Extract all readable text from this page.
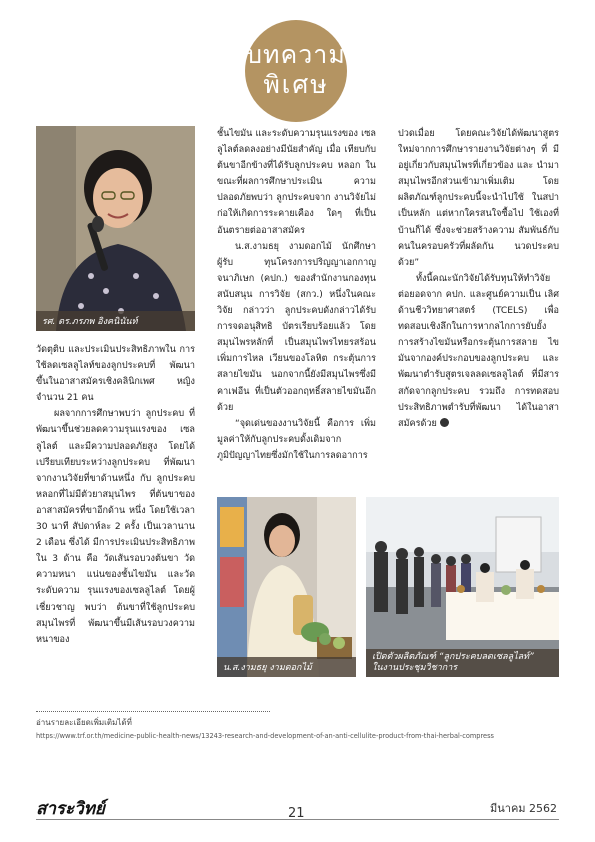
บทความ
พิเศษ
รศ. ดร.ภรภพ อิงคนินันท์

วัดตุติบ และประเมินประสิทธิภาพใน การใช้ลดเซลลูไลท์ของลูกประคบที่ พัฒนาขึ้นในอาสาสมัครเชิงคลินิกเพศ หญิงจำนวน 21 คน

ผลจากการศึกษาพบว่า ลูกประคบ ที่พัฒนาขึ้นช่วยลดความรุนแรงของ เซลลูไลต์ และมีความปลอดภัยสูง โดยได้เปรียบเทียบระหว่างลูกประคบ ที่พัฒนาจากงานวิจัยที่ขาด้านหนึ่ง กับ ลูกประคบหลอกที่ไม่มีตัวยาสมุนไพร ที่ต้นขาของอาสาสมัครที่ขาอีกด้าน หนึ่ง โดยใช้เวลา 30 นาที สัปดาห์ละ 2 ครั้ง เป็นเวลานาน 2 เดือน ซึ่งได้ มีการประเมินประสิทธิภาพใน 3 ด้าน คือ วัดเส้นรอบวงต้นขา วัดความหนา แน่นของชั้นไขมัน และวัดระดับความ รุนแรงของเซลลูไลต์ โดยผู้เชี่ยวชาญ พบว่า ต้นขาที่ใช้ลูกประคบสมุนไพรที่ พัฒนาขึ้นมีเส้นรอบวงความหนาของ

ชั้นไขมัน และระดับความรุนแรงของ เซลลูไลต์ลดลงอย่างมีนัยสำคัญ เมื่อ เทียบกับต้นขาอีกข้างที่ได้รับลูกประคบ หลอก ในขณะที่ผลการศึกษาประเมิน ความปลอดภัยพบว่า ลูกประคบจาก งานวิจัยไม่ก่อให้เกิดการระคายเคือง ใดๆ ที่เป็นอันตรายต่ออาสาสมัคร

น.ส.งามธยุ งามดอกไม้ นักศึกษาผู้รับ ทุนโครงการปริญญาเอกกาญจนาภิเษก (คปก.) ของสำนักงานกองทุนสนับสนุน การวิจัย (สกว.) หนึ่งในคณะวิจัย กล่าวว่า ลูกประคบดังกล่าวได้รับการจดอนุสิทธิ บัตรเรียบร้อยแล้ว โดยสมุนไพรหลักที่ เป็นสมุนไพรไทยรสร้อน เพิ่มการไหล เวียนของโลหิต กระตุ้นการสลายไขมัน นอกจากนี้ยังมีสมุนไพรซึ่งมีคาเฟอีน ที่เป็นตัวออกฤทธิ์สลายไขมันอีกด้วย

“จุดเด่นของงานวิจัยนี้ คือการ เพิ่มมูลค่าให้กับลูกประคบดั้งเดิมจาก ภูมิปัญญาไทยซึ่งมักใช้ในการลดอาการ

ปวดเมื่อย โดยคณะวิจัยได้พัฒนาสูตร ใหม่จากการศึกษารายงานวิจัยต่างๆ ที่ มีอยู่เกี่ยวกับสมุนไพรที่เกี่ยวข้อง และ นำมาสมุนไพรอีกส่วนเข้ามาเพิ่มเติม โดยผลิตภัณฑ์ลูกประคบนี้จะนำไปใช้ ในสปาเป็นหลัก แต่หากใครสนใจซื้อไป ใช้เองที่บ้านก็ได้ ซึ่งจะช่วยสร้างความ สัมพันธ์กับคนในครอบครัวที่ผลัดกัน นวดประคบด้วย”

ทั้งนี้คณะนักวิจัยได้รับทุนให้ทำวิจัย ต่อยอดจาก คปก. และศูนย์ความเป็น เลิศด้านชีววิทยาศาสตร์ (TCELS) เพื่อ ทดสอบเชิงลึกในการหากลไกการยับยั้ง การสร้างไขมันหรือกระตุ้นการสลาย ไขมันจากองค์ประกอบของลูกประคบ และพัฒนาตำรับสูตรเจลลดเซลลูไลต์ ที่มีสารสกัดจากลูกประคบ รวมถึง การทดสอบประสิทธิภาพตำรับที่พัฒนา ได้ในอาสาสมัครด้วย

น.ส.งามธยุ งามดอกไม้
เปิดตัวผลิตภัณฑ์ “ลูกประคบลดเซลลูไลท์”
ในงานประชุมวิชาการ
อ่านรายละเอียดเพิ่มเติมได้ที่
https://www.trf.or.th/medicine-public-health-news/13243-research-and-development-of-an-anti-cellulite-product-from-thai-herbal-compress
สาระวิทย์	21	มีนาคม 2562
